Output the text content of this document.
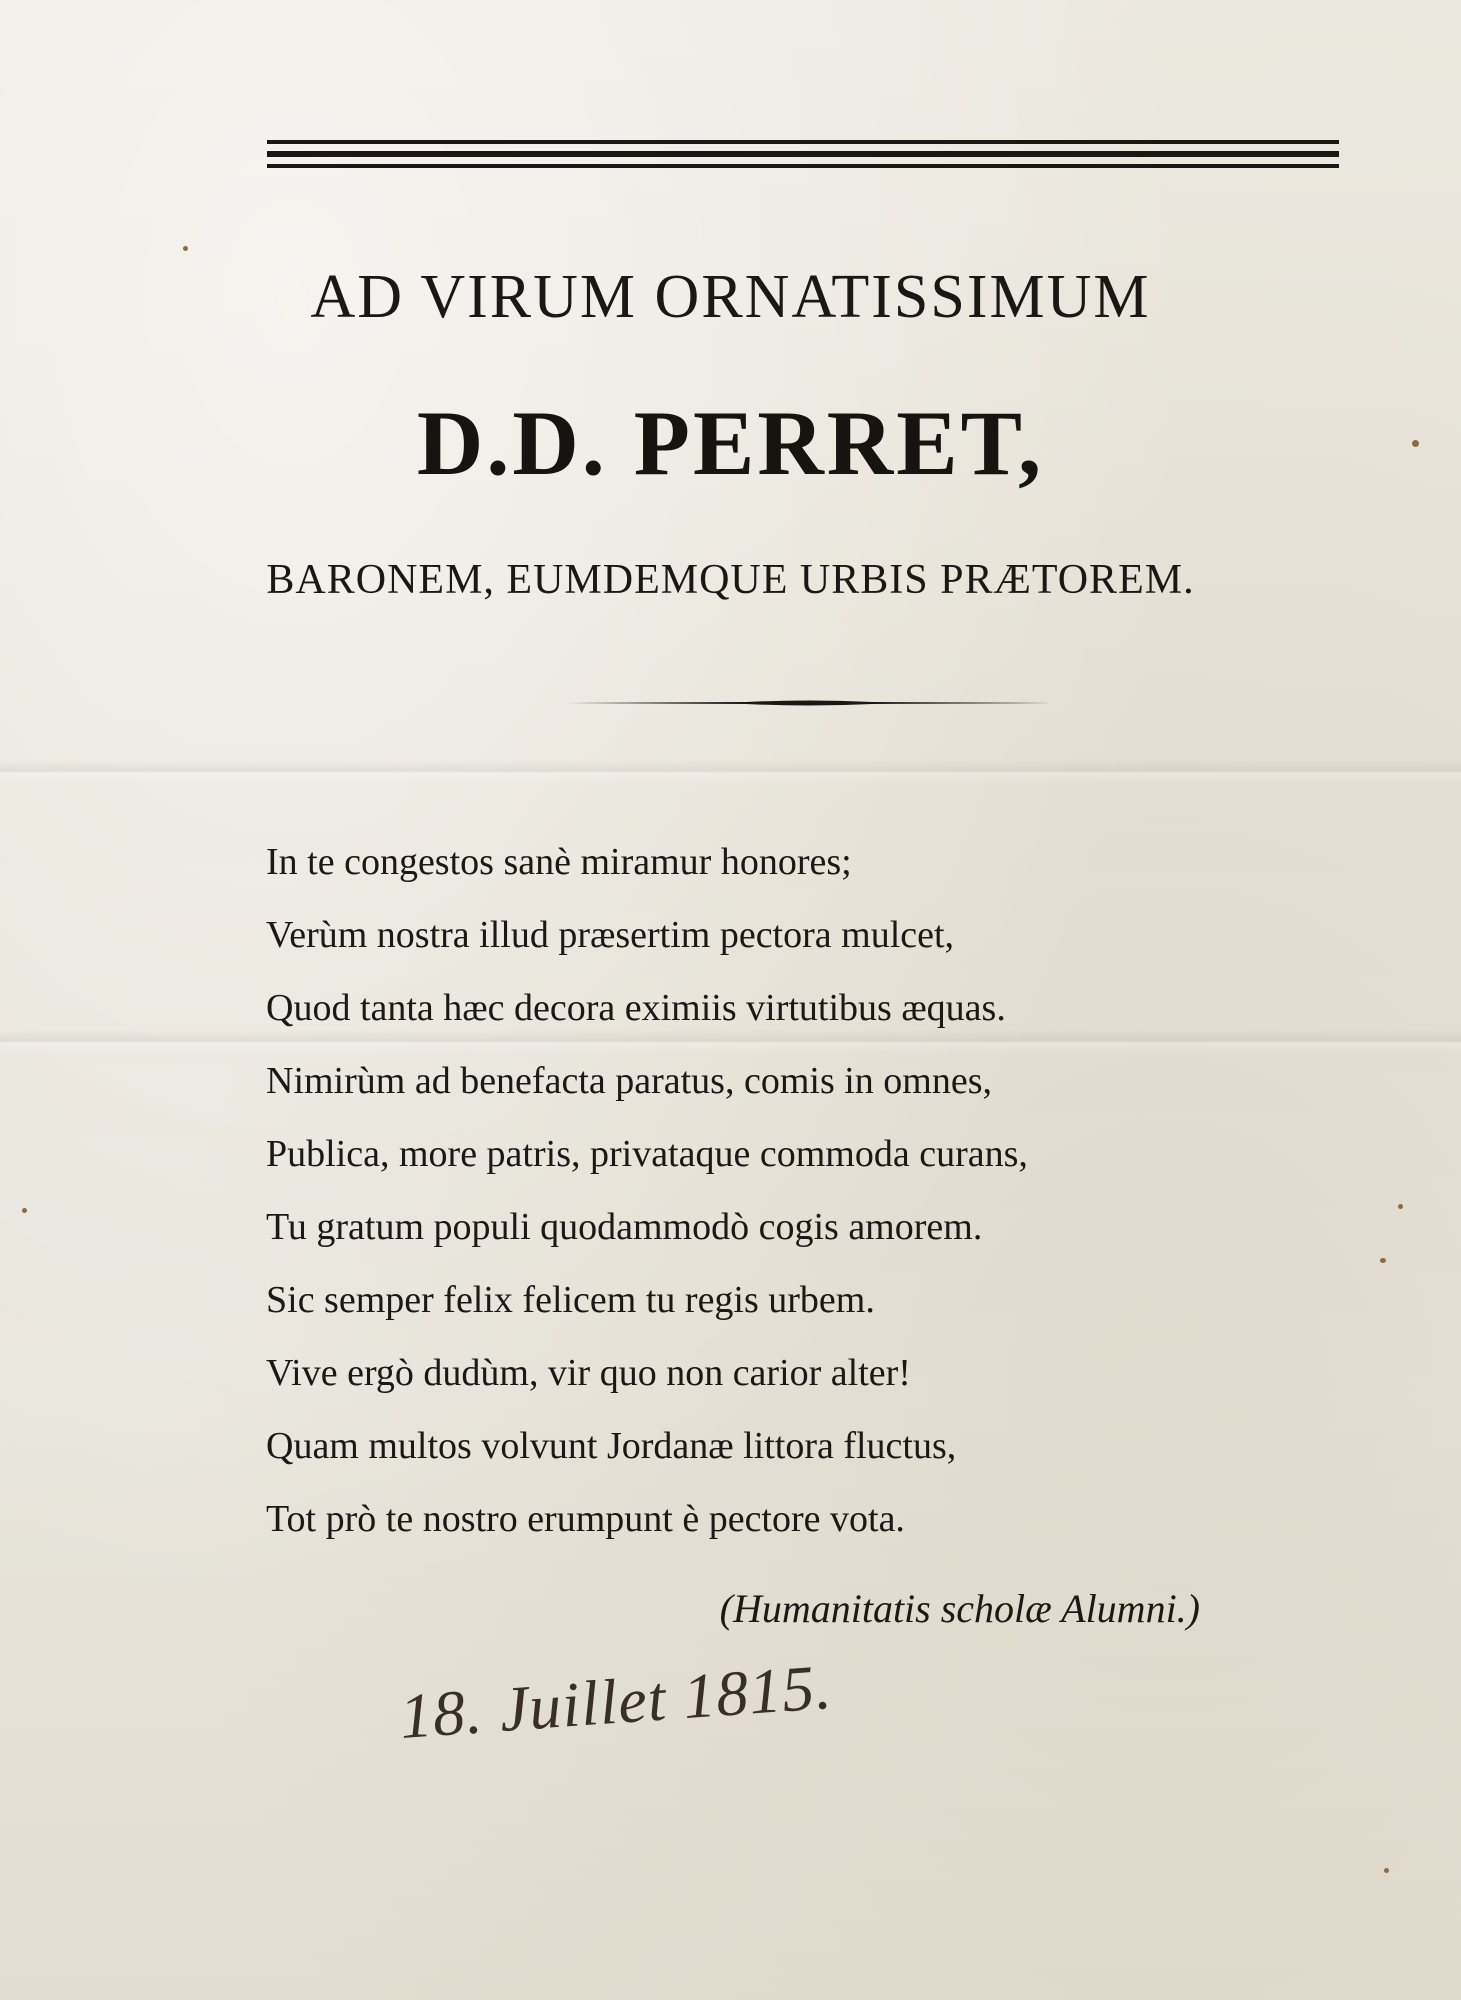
AD VIRUM ORNATISSIMUM
D.D. PERRET,
BARONEM, EUMDEMQUE URBIS PRÆTOREM.
In te congestos sanè miramur honores;
Verùm nostra illud præsertim pectora mulcet,
Quod tanta hæc decora eximiis virtutibus æquas.
Nimirùm ad benefacta paratus, comis in omnes,
Publica, more patris, privataque commoda curans,
Tu gratum populi quodammodò cogis amorem.
Sic semper felix felicem tu regis urbem.
Vive ergò dudùm, vir quo non carior alter!
Quam multos volvunt Jordanæ littora fluctus,
Tot prò te nostro erumpunt è pectore vota.
(Humanitatis scholæ Alumni.)
18. Juillet 1815.
